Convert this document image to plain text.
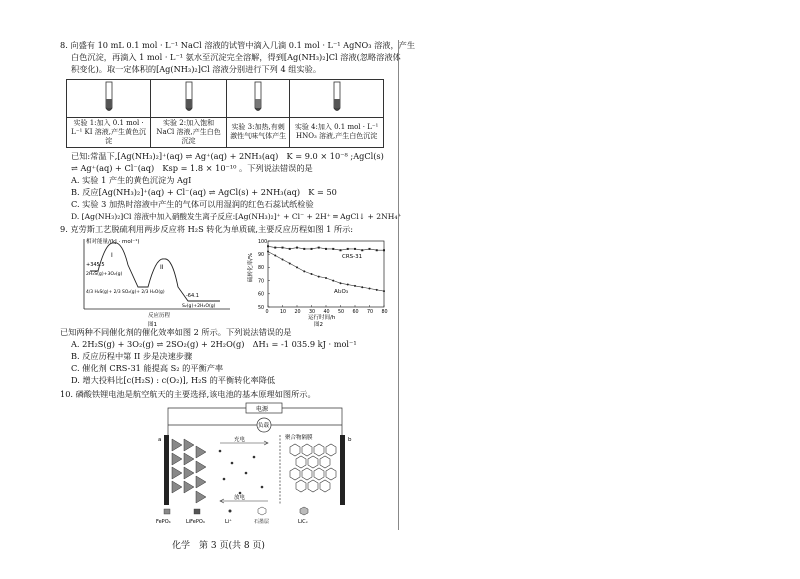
8. 向盛有 10 mL 0.1 mol · L⁻¹ NaCl 溶液的试管中滴入几滴 0.1 mol · L⁻¹ AgNO₃ 溶液，产生
白色沉淀，再滴入 1 mol · L⁻¹ 氨水至沉淀完全溶解，得到[Ag(NH₃)₂]Cl 溶液(忽略溶液体
积变化)。取一定体积的[Ag(NH₃)₂]Cl 溶液分别进行下列 4 组实验。

实验 1:加入 0.1 mol · L⁻¹ KI 溶液,产生黄色沉淀	实验 2:加入饱和 NaCl 溶液,产生白色沉淀	实验 3:加热,有刺激性气味气体产生	实验 4:加入 0.1 mol · L⁻¹ HNO₃ 溶液,产生白色沉淀
已知:常温下,[Ag(NH₃)₂]⁺(aq) ⇌ Ag⁺(aq) + 2NH₃(aq)　K = 9.0 × 10⁻⁸ ;AgCl(s)
⇌ Ag⁺(aq) + Cl⁻(aq)　Ksp = 1.8 × 10⁻¹⁰ 。下列说法错误的是
A. 实验 1 产生的黄色沉淀为 AgI
B. 反应[Ag(NH₃)₂]⁺(aq) + Cl⁻(aq) ⇌ AgCl(s) + 2NH₃(aq)　K = 50
C. 实验 3 加热时溶液中产生的气体可以用湿润的红色石蕊试纸检验
D. [Ag(NH₃)₂]Cl 溶液中加入硝酸发生离子反应:[Ag(NH₃)₂]⁺ + Cl⁻ + 2H⁺ ═ AgCl↓ + 2NH₄⁺
9. 克劳斯工艺脱硫利用两步反应将 H₂S 转化为单质硫,主要反应历程如图 1 所示:
相对能量/(kJ · mol⁻¹)
I
II
+345.5
2H₂S(g)+3O₂(g)
4/3 H₂S(g)+ 2/3 SO₂(g)+ 2/3 H₂O(g)
-64.1
S₂(g)+2H₂O(g)
反应历程
图1
0 10 20 30 40 50 60 70 80
50
60
70
80
90
100
硫转化率/%
运行时间/h
图2
CRS-31
Al₂O₃
已知两种不同催化剂的催化效率如图 2 所示。下列说法错误的是
A. 2H₂S(g) + 3O₂(g) ⇌ 2SO₂(g) + 2H₂O(g)　ΔH₁ = -1 035.9 kJ · mol⁻¹
B. 反应历程中第 II 步是决速步骤
C. 催化剂 CRS-31 能提高 S₂ 的平衡产率
D. 增大投料比[c(H₂S) : c(O₂)], H₂S 的平衡转化率降低
10. 磷酸铁锂电池是航空航天的主要选择,该电池的基本原理如图所示。
电源
负载
a	b
聚合物隔膜
充电
放电
FePO₄	LiFePO₄	Li⁺	石墨层	LiCₓ
化学　第 3 页(共 8 页)
